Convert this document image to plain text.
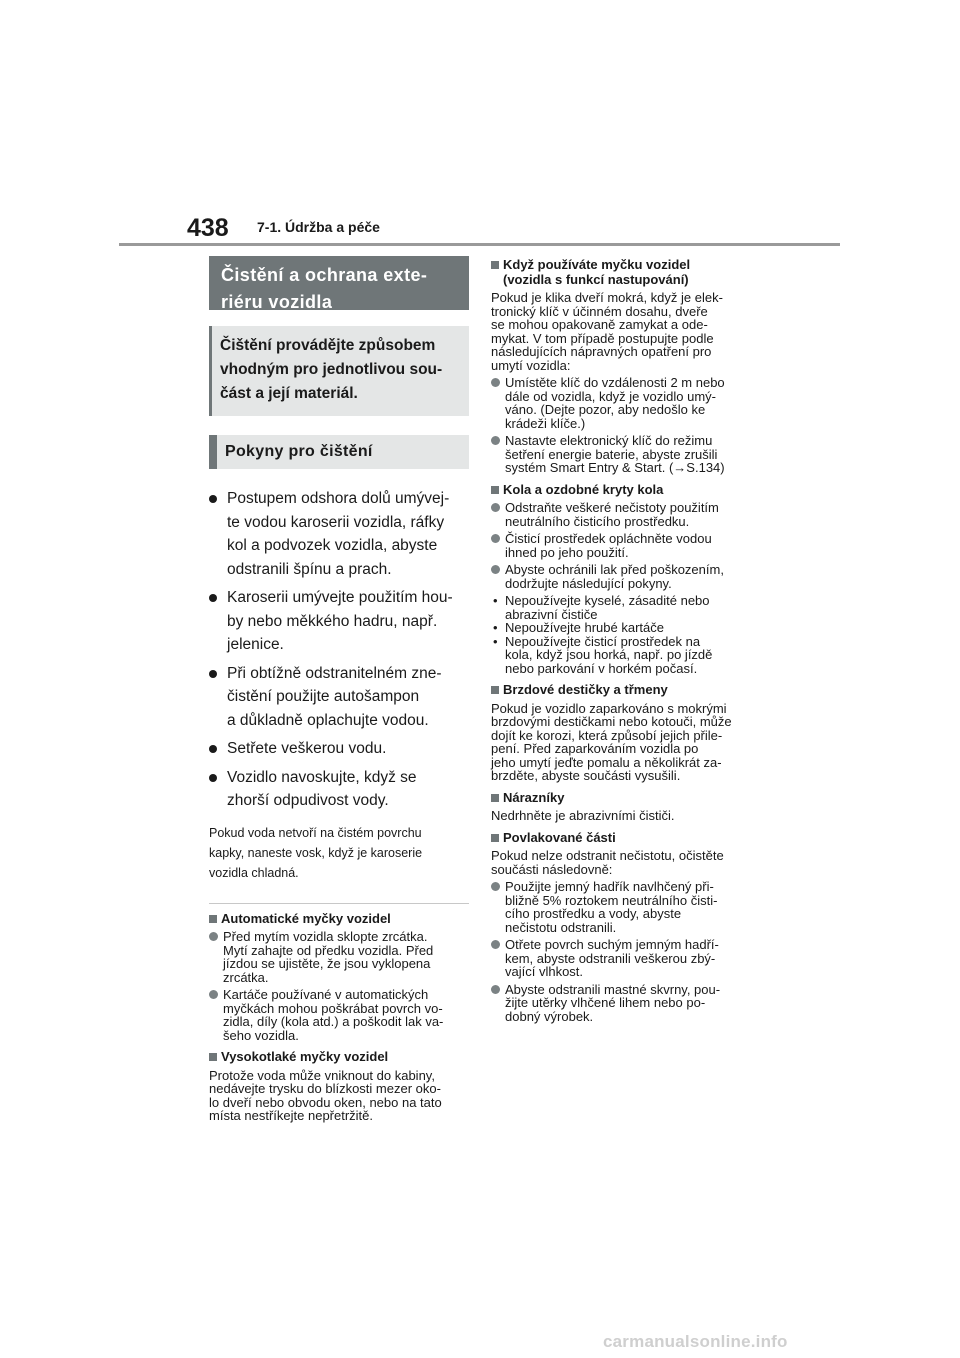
438 7-1. Údržba a péče
Čistění a ochrana exte-
riéru vozidla
Čištění provádějte způsobem
vhodným pro jednotlivou sou-
část a její materiál.
Pokyny pro čištění
Postupem odshora dolů umývej-
te vodou karoserii vozidla, ráfky
kol a podvozek vozidla, abyste
odstranili špínu a prach.
Karoserii umývejte použitím hou-
by nebo měkkého hadru, např.
jelenice.
Při obtížně odstranitelném zne-
čistění použijte autošampon
a důkladně oplachujte vodou.
Setřete veškerou vodu.
Vozidlo navoskujte, když se
zhorší odpudivost vody.
Pokud voda netvoří na čistém povrchu
kapky, naneste vosk, když je karoserie
vozidla chladná.
Automatické myčky vozidel
Před mytím vozidla sklopte zrcátka.
Mytí zahajte od předku vozidla. Před
jízdou se ujistěte, že jsou vyklopena
zrcátka.
Kartáče používané v automatických
myčkách mohou poškrábat povrch vo-
zidla, díly (kola atd.) a poškodit lak va-
šeho vozidla.
Vysokotlaké myčky vozidel
Protože voda může vniknout do kabiny,
nedávejte trysku do blízkosti mezer oko-
lo dveří nebo obvodu oken, nebo na tato
místa nestříkejte nepřetržitě.
Když používáte myčku vozidel
(vozidla s funkcí nastupování)
Pokud je klika dveří mokrá, když je elek-
tronický klíč v účinném dosahu, dveře
se mohou opakovaně zamykat a ode-
mykat. V tom případě postupujte podle
následujících nápravných opatření pro
umytí vozidla:
Umístěte klíč do vzdálenosti 2 m nebo
dále od vozidla, když je vozidlo umý-
váno. (Dejte pozor, aby nedošlo ke
krádeži klíče.)
Nastavte elektronický klíč do režimu
šetření energie baterie, abyste zrušili
systém Smart Entry & Start. (→S.134)
Kola a ozdobné kryty kola
Odstraňte veškeré nečistoty použitím
neutrálního čisticího prostředku.
Čisticí prostředek opláchněte vodou
ihned po jeho použití.
Abyste ochránili lak před poškozením,
dodržujte následující pokyny.
• Nepoužívejte kyselé, zásadité nebo
abrazivní čističe
• Nepoužívejte hrubé kartáče
• Nepoužívejte čisticí prostředek na
kola, když jsou horká, např. po jízdě
nebo parkování v horkém počasí.
Brzdové destičky a třmeny
Pokud je vozidlo zaparkováno s mokrými
brzdovými destičkami nebo kotouči, může
dojít ke korozi, která způsobí jejich přile-
pení. Před zaparkováním vozidla po
jeho umytí jeďte pomalu a několikrát za-
brzděte, abyste součásti vysušili.
Nárazníky
Nedrhněte je abrazivními čističi.
Povlakované části
Pokud nelze odstranit nečistotu, očistěte
součásti následovně:
Použijte jemný hadřík navlhčený při-
bližně 5% roztokem neutrálního čisti-
cího prostředku a vody, abyste
nečistotu odstranili.
Otřete povrch suchým jemným hadří-
kem, abyste odstranili veškerou zbý-
vající vlhkost.
Abyste odstranili mastné skvrny, pou-
žijte utěrky vlhčené lihem nebo po-
dobný výrobek.
carmanualsonline.info
